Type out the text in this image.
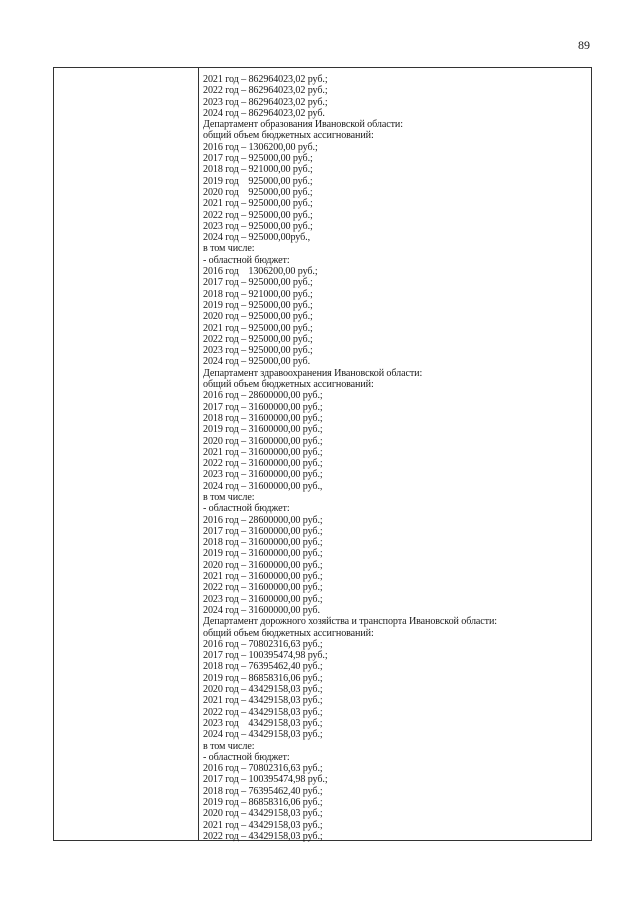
89
2021 год – 862964023,02 руб.;
2022 год – 862964023,02 руб.;
2023 год – 862964023,02 руб.;
2024 год – 862964023,02 руб.
Департамент образования Ивановской области:
общий объем бюджетных ассигнований:
2016 год – 1306200,00 руб.;
2017 год – 925000,00 руб.;
2018 год – 921000,00 руб.;
2019 год    925000,00 руб.;
2020 год    925000,00 руб.;
2021 год – 925000,00 руб.;
2022 год – 925000,00 руб.;
2023 год – 925000,00 руб.;
2024 год – 925000,00руб.,
в том числе:
- областной бюджет:
2016 год    1306200,00 руб.;
2017 год – 925000,00 руб.;
2018 год – 921000,00 руб.;
2019 год – 925000,00 руб.;
2020 год – 925000,00 руб.;
2021 год – 925000,00 руб.;
2022 год – 925000,00 руб.;
2023 год – 925000,00 руб.;
2024 год – 925000,00 руб.
Департамент здравоохранения Ивановской области:
общий объем бюджетных ассигнований:
2016 год – 28600000,00 руб.;
2017 год – 31600000,00 руб.;
2018 год – 31600000,00 руб.;
2019 год – 31600000,00 руб.;
2020 год – 31600000,00 руб.;
2021 год – 31600000,00 руб.;
2022 год – 31600000,00 руб.;
2023 год – 31600000,00 руб.;
2024 год – 31600000,00 руб.,
в том числе:
- областной бюджет:
2016 год – 28600000,00 руб.;
2017 год – 31600000,00 руб.;
2018 год – 31600000,00 руб.;
2019 год – 31600000,00 руб.;
2020 год – 31600000,00 руб.;
2021 год – 31600000,00 руб.;
2022 год – 31600000,00 руб.;
2023 год – 31600000,00 руб.;
2024 год – 31600000,00 руб.
Департамент дорожного хозяйства и транспорта Ивановской области:
общий объем бюджетных ассигнований:
2016 год – 70802316,63 руб.;
2017 год – 100395474,98 руб.;
2018 год – 76395462,40 руб.;
2019 год – 86858316,06 руб.;
2020 год – 43429158,03 руб.;
2021 год – 43429158,03 руб.;
2022 год – 43429158,03 руб.;
2023 год    43429158,03 руб.;
2024 год – 43429158,03 руб.;
в том числе:
- областной бюджет:
2016 год – 70802316,63 руб.;
2017 год – 100395474,98 руб.;
2018 год – 76395462,40 руб.;
2019 год – 86858316,06 руб.;
2020 год – 43429158,03 руб.;
2021 год – 43429158,03 руб.;
2022 год – 43429158,03 руб.;
